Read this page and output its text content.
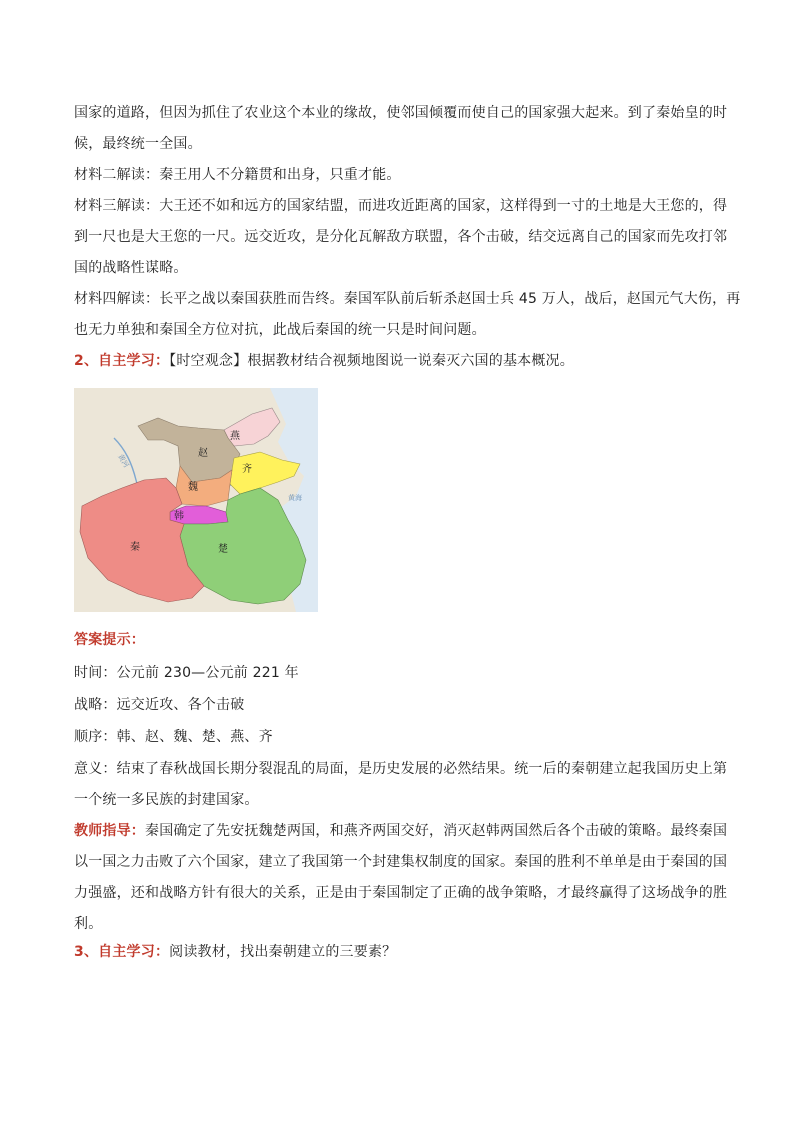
国家的道路，但因为抓住了农业这个本业的缘故，使邻国倾覆而使自己的国家强大起来。到了秦始皇的时
候，最终统一全国。
材料二解读：秦王用人不分籍贯和出身，只重才能。
材料三解读：大王还不如和远方的国家结盟，而进攻近距离的国家，这样得到一寸的土地是大王您的，得
到一尺也是大王您的一尺。远交近攻，是分化瓦解敌方联盟，各个击破，结交远离自己的国家而先攻打邻
国的战略性谋略。
材料四解读：长平之战以秦国获胜而告终。秦国军队前后斩杀赵国士兵 45 万人，战后，赵国元气大伤，再
也无力单独和秦国全方位对抗，此战后秦国的统一只是时间问题。
2、自主学习：【时空观念】根据教材结合视频地图说一说秦灭六国的基本概况。
燕
赵
齐
魏
韩
秦	楚
黄河
黄海
答案提示：
时间：公元前 230—公元前 221 年
战略：远交近攻、各个击破
顺序：韩、赵、魏、楚、燕、齐
意义：结束了春秋战国长期分裂混乱的局面，是历史发展的必然结果。统一后的秦朝建立起我国历史上第
一个统一多民族的封建国家。
教师指导：秦国确定了先安抚魏楚两国，和燕齐两国交好，消灭赵韩两国然后各个击破的策略。最终秦国
以一国之力击败了六个国家，建立了我国第一个封建集权制度的国家。秦国的胜利不单单是由于秦国的国
力强盛，还和战略方针有很大的关系，正是由于秦国制定了正确的战争策略，才最终赢得了这场战争的胜
利。
3、自主学习：阅读教材，找出秦朝建立的三要素？
